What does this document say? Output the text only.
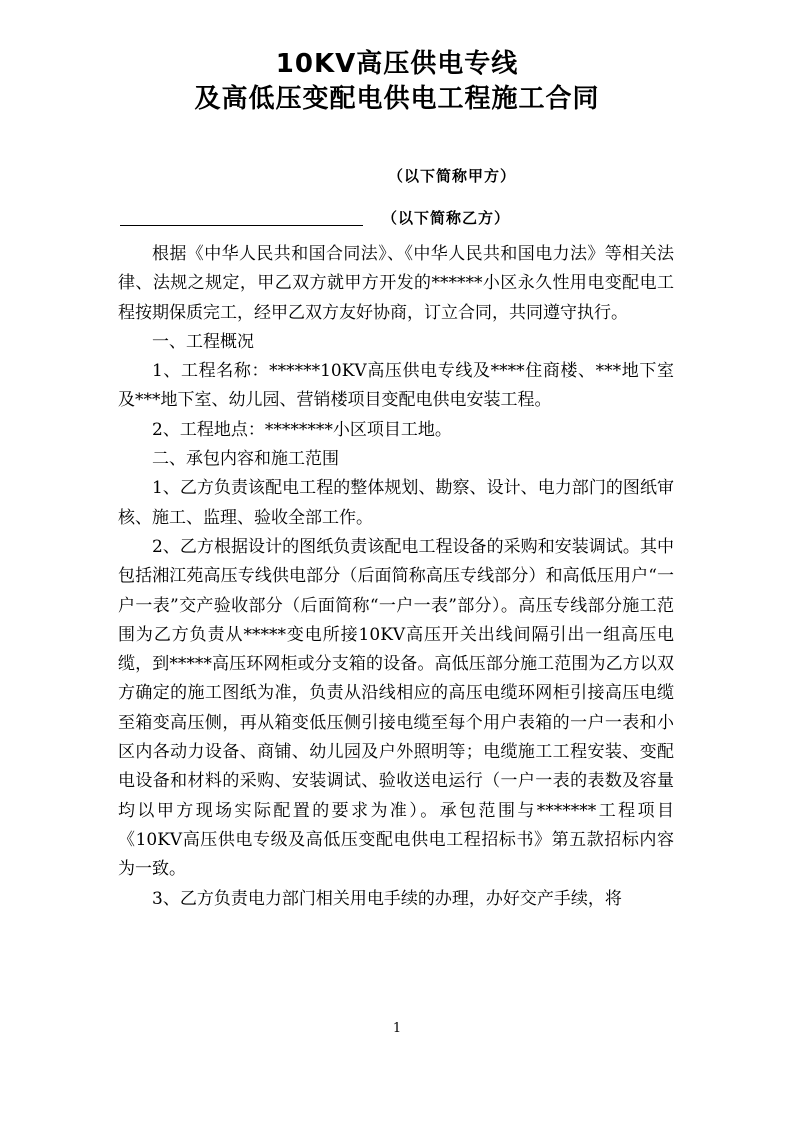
10KV高压供电专线
及高低压变配电供电工程施工合同
（以下简称甲方）
（以下简称乙方）

根据《中华人民共和国合同法》、《中华人民共和国电力法》等相关法律、法规之规定，甲乙双方就甲方开发的******小区永久性用电变配电工程按期保质完工，经甲乙双方友好协商，订立合同，共同遵守执行。

一、工程概况

1、工程名称：******10KV高压供电专线及****住商楼、***地下室及***地下室、幼儿园、营销楼项目变配电供电安装工程。

2、工程地点：********小区项目工地。

二、承包内容和施工范围

1、乙方负责该配电工程的整体规划、勘察、设计、电力部门的图纸审核、施工、监理、验收全部工作。

2、乙方根据设计的图纸负责该配电工程设备的采购和安装调试。其中包括湘江苑高压专线供电部分（后面简称高压专线部分）和高低压用户“一户一表”交产验收部分（后面简称“一户一表”部分）。高压专线部分施工范围为乙方负责从*****变电所接10KV高压开关出线间隔引出一组高压电缆，到*****高压环网柜或分支箱的设备。高低压部分施工范围为乙方以双方确定的施工图纸为准，负责从沿线相应的高压电缆环网柜引接高压电缆至箱变高压侧，再从箱变低压侧引接电缆至每个用户表箱的一户一表和小区内各动力设备、商铺、幼儿园及户外照明等；电缆施工工程安装、变配电设备和材料的采购、安装调试、验收送电运行（一户一表的表数及容量均以甲方现场实际配置的要求为准）。承包范围与*******工程项目《10KV高压供电专级及高低压变配电供电工程招标书》第五款招标内容为一致。

3、乙方负责电力部门相关用电手续的办理，办好交产手续，将

1
